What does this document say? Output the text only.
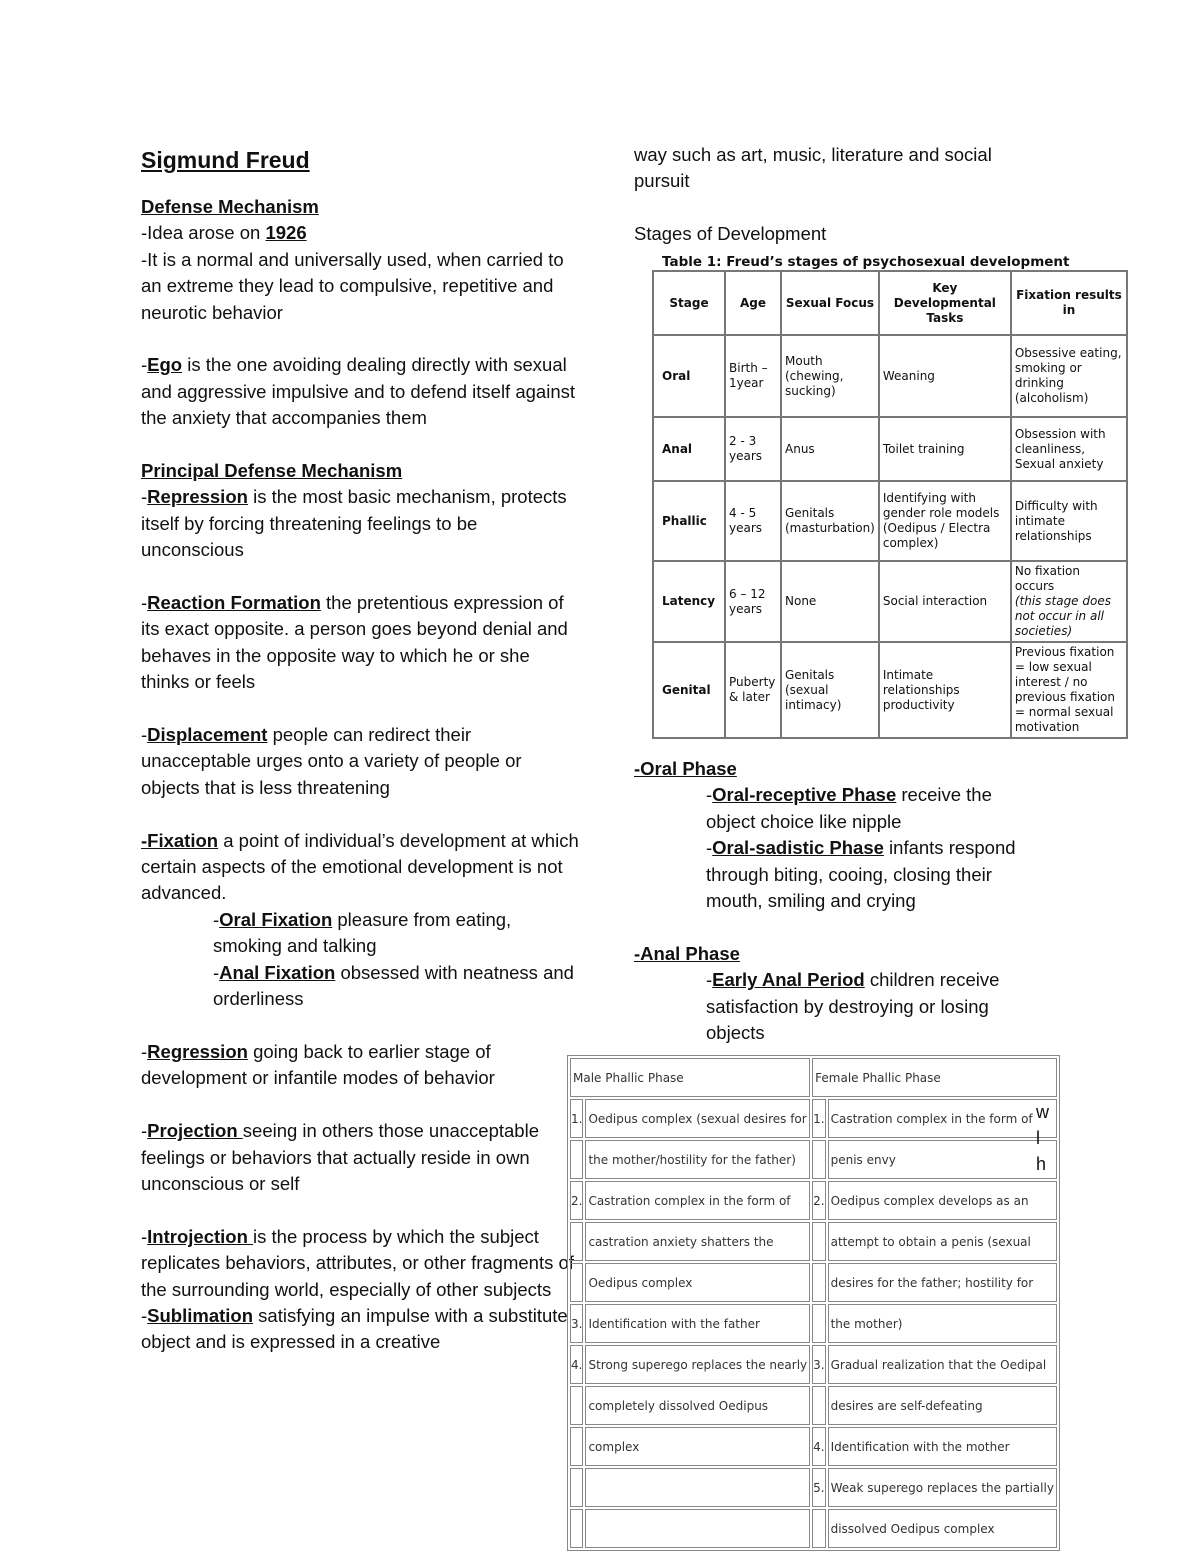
Sigmund Freud

Defense Mechanism

-Idea arose on 1926

-It is a normal and universally used, when carried to an extreme they lead to compulsive, repetitive and neurotic behavior

-Ego is the one avoiding dealing directly with sexual and aggressive impulsive and to defend itself against the anxiety that accompanies them

Principal Defense Mechanism

-Repression is the most basic mechanism, protects itself by forcing threatening feelings to be unconscious

-Reaction Formation the pretentious expression of its exact opposite. a person goes beyond denial and behaves in the opposite way to which he or she thinks or feels

-Displacement people can redirect their unacceptable urges onto a variety of people or objects that is less threatening

-Fixation a point of individual’s development at which certain aspects of the emotional development is not advanced.

-Oral Fixation pleasure from eating, smoking and talking

-Anal Fixation obsessed with neatness and orderliness

-Regression going back to earlier stage of development or infantile modes of behavior

-Projection seeing in others those unacceptable feelings or behaviors that actually reside in own unconscious or self

-Introjection is the process by which the subject replicates behaviors, attributes, or other fragments of the surrounding world, especially of other subjects

-Sublimation satisfying an impulse with a substitute object and is expressed in a creative

way such as art, music, literature and social pursuit

Stages of Development

Table 1: Freud’s stages of psychosexual development
Stage	Age	Sexual Focus	Key Developmental Tasks	Fixation results in
Oral	Birth – 1year	Mouth (chewing, sucking)	Weaning	Obsessive eating, smoking or drinking (alcoholism)
Anal	2 - 3 years	Anus	Toilet training	Obsession with cleanliness, Sexual anxiety
Phallic	4 - 5 years	Genitals (masturbation)	Identifying with gender role models (Oedipus / Electra complex)	Difficulty with intimate relationships
Latency	6 – 12 years	None	Social interaction	No fixation occurs
(this stage does not occur in all societies)
Genital	Puberty & later	Genitals (sexual intimacy)	Intimate relationships productivity	Previous fixation = low sexual interest / no previous fixation = normal sexual motivation

-Oral Phase

-Oral-receptive Phase receive the object choice like nipple

-Oral-sadistic Phase infants respond through biting, cooing, closing their mouth, smiling and crying

-Anal Phase

-Early Anal Period children receive satisfaction by destroying or losing objects

Male Phallic Phase		Female Phallic Phase	
1.	Oedipus complex (sexual desires for	1.	Castration complex in the form of
	the mother/hostility for the father)		penis envy
2.	Castration complex in the form of	2.	Oedipus complex develops as an
	castration anxiety shatters the		attempt to obtain a penis (sexual
	Oedipus complex		desires for the father; hostility for
3.	Identification with the father		the mother)
4.	Strong superego replaces the nearly	3.	Gradual realization that the Oedipal
	completely dissolved Oedipus		desires are self-defeating
	complex	4.	Identification with the mother
		5.	Weak superego replaces the partially
			dissolved Oedipus complex
w
l
h
